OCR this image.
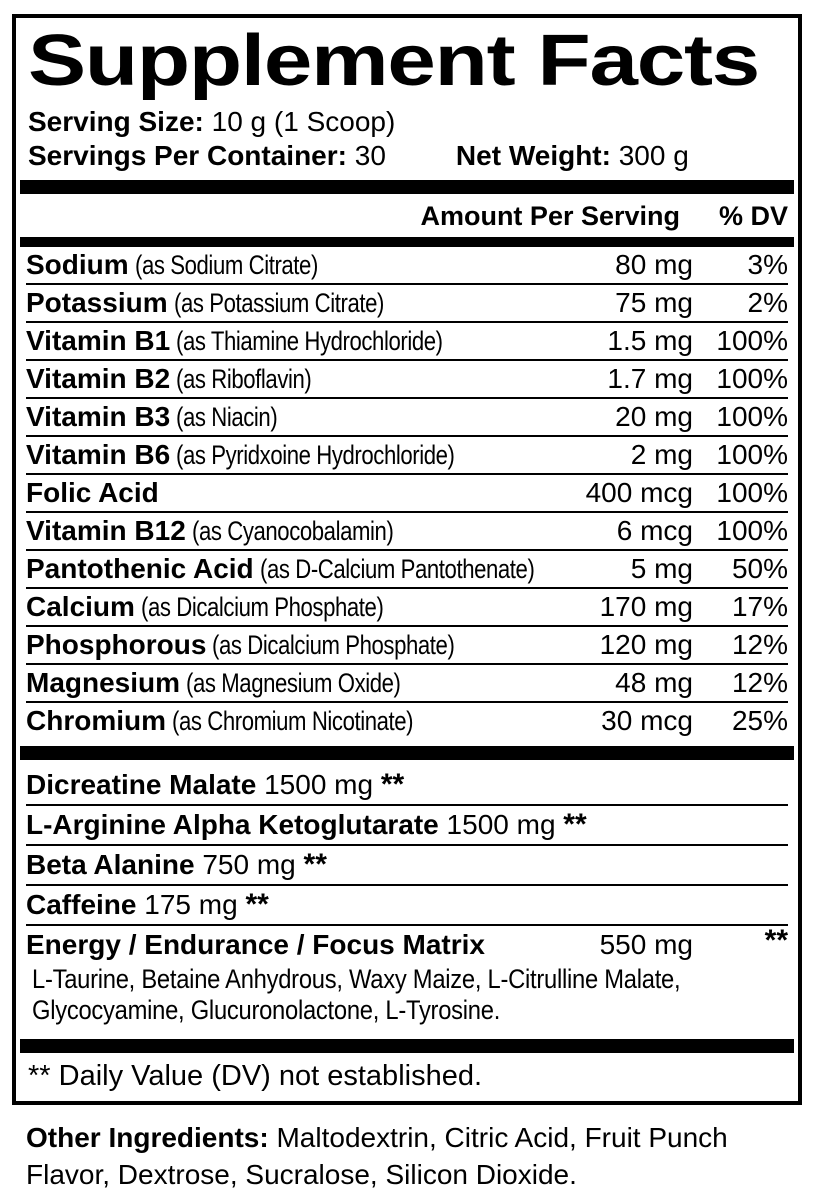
Supplement Facts
Serving Size: 10 g (1 Scoop)
Servings Per Container: 30	Net Weight: 300 g
Amount Per Serving	% DV
Sodium (as Sodium Citrate)	80 mg	3%
Potassium (as Potassium Citrate)	75 mg	2%
Vitamin B1 (as Thiamine Hydrochloride)	1.5 mg 100%
Vitamin B2 (as Riboflavin)	1.7 mg 100%
Vitamin B3 (as Niacin)	20 mg 100%
Vitamin B6 (as Pyridxoine Hydrochloride)	2 mg 100%
Folic Acid	400 mcg 100%
Vitamin B12 (as Cyanocobalamin)	6 mcg 100%
Pantothenic Acid (as D-Calcium Pantothenate)	5 mg	50%
Calcium (as Dicalcium Phosphate)	170 mg	17%
Phosphorous (as Dicalcium Phosphate)	120 mg	12%
Magnesium (as Magnesium Oxide)	48 mg	12%
Chromium (as Chromium Nicotinate)	30 mcg	25%
Dicreatine Malate 1500 mg **
L-Arginine Alpha Ketoglutarate 1500 mg **
Beta Alanine 750 mg **
Caffeine 175 mg **
Energy / Endurance / Focus Matrix	550 mg	**
L-Taurine, Betaine Anhydrous, Waxy Maize, L-Citrulline Malate,
Glycocyamine, Glucuronolactone, L-Tyrosine.
** Daily Value (DV) not established.

Other Ingredients: Maltodextrin, Citric Acid, Fruit Punch Flavor, Dextrose, Sucralose, Silicon Dioxide.
